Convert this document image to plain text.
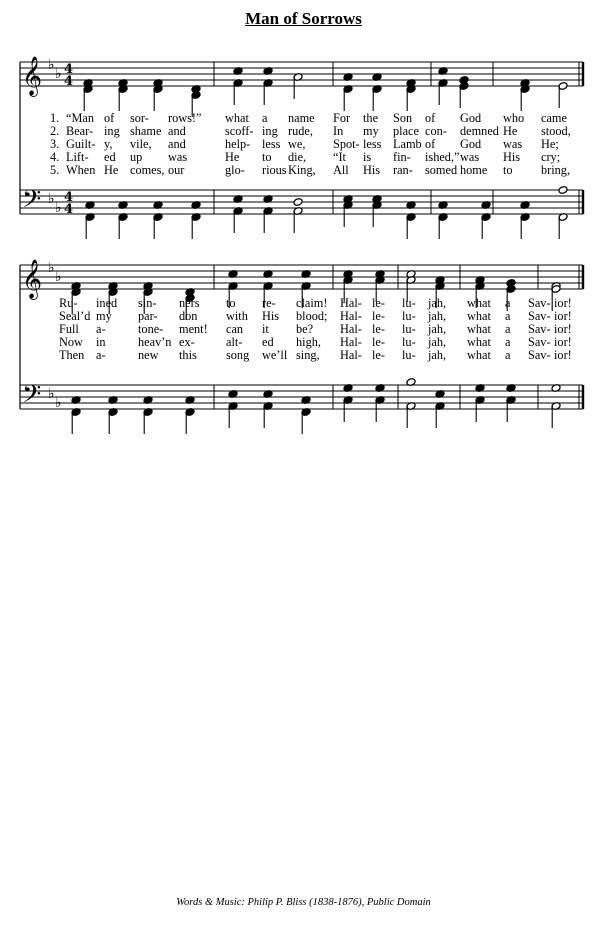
Man of Sorrows
𝄞
𝄢
♭
♭
♭
♭
4
4
4
4
𝄞
𝄢
♭
♭
♭
♭
1. “Man of sor- rows!” what a name For the Son of God who came
2. Bear- ing shame and	scoff- ing rude, In my place con- demned He stood,
3. Guilt- y, vile, and	help- less we, Spot- less Lamb of God was He;
4. Lift- ed up was	He to die, “It is fin- ished,” was His cry;
5. When He comes, our	glo- rious King, All His ran- somed home to bring,
Ru- ined sin- ners to re- claim! Hal- le- lu- jah, what a Sav- ior!
Seal’d my par- don with His blood; Hal- le- lu- jah, what a Sav- ior!
Full a-	tone- ment! can it be? Hal- le- lu- jah, what a Sav- ior!
Now in	heav’n ex-	alt- ed high, Hal- le- lu- jah, what a Sav- ior!
Then a-	new this song we’ll sing, Hal- le- lu- jah, what a Sav- ior!
Words & Music: Philip P. Bliss (1838-1876), Public Domain
